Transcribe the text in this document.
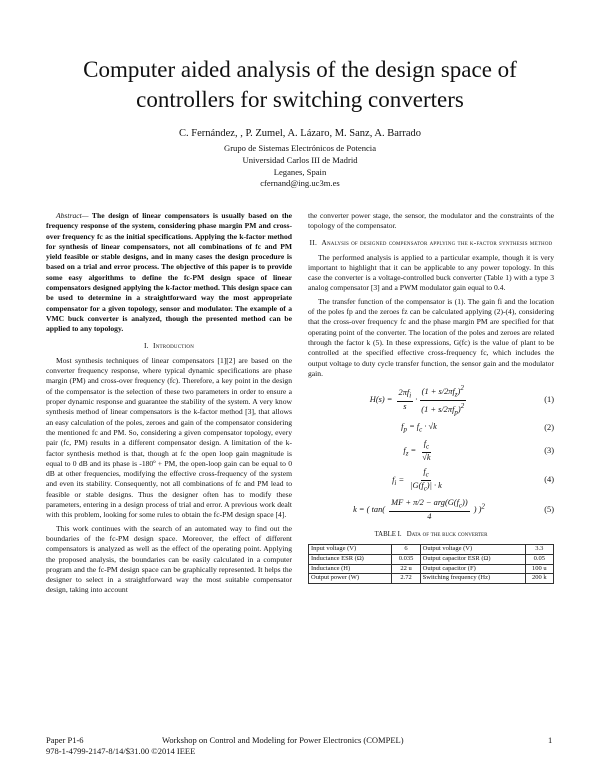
Computer aided analysis of the design space of controllers for switching converters
C. Fernández, , P. Zumel, A. Lázaro, M. Sanz, A. Barrado
Grupo de Sistemas Electrónicos de Potencia
Universidad Carlos III de Madrid
Leganes, Spain
cfernand@ing.uc3m.es

Abstract— The design of linear compensators is usually based on the frequency response of the system, considering phase margin PM and cross-over frequency fc as the initial specifications. Applying the k-factor method for synthesis of linear compensators, not all combinations of fc and PM yield feasible or stable designs, and in many cases the design procedure is based on a trial and error process. The objective of this paper is to provide some easy algorithms to define the fc-PM design space of linear compensators designed applying the k-factor method. This design space can be used to determine in a straightforward way the most appropriate compensator for a given topology, sensor and modulator. The example of a VMC buck converter is analyzed, though the presented method can be applied to any topology.

I. Introduction

Most synthesis techniques of linear compensators [1][2] are based on the converter frequency response, where typical dynamic specifications are phase margin (PM) and cross-over frequency (fc). Therefore, a key point in the design of the compensator is the selection of these two parameters in order to ensure a proper dynamic response and guarantee the stability of the system. A very know synthesis method of linear compensators is the k-factor method [3], that allows an easy calculation of the poles, zeroes and gain of the compensator considering the mentioned fc and PM. So, considering a given compensator topology, every pair (fc, PM) results in a different compensator design. A limitation of the k-factor synthesis method is that, though at fc the open loop gain magnitude is equal to 0 dB and its phase is -180º + PM, the open-loop gain can be equal to 0 dB at other frequencies, modifying the effective cross-frequency of the system and even its stability. Consequently, not all combinations of fc and PM lead to feasible or stable designs. Thus the designer often has to modify these parameters, entering in a design process of trial and error. A previous work dealt with this problem, looking for some rules to obtain the fc-PM design space [4].

This work continues with the search of an automated way to find out the boundaries of the fc-PM design space. Moreover, the effect of different compensators is analyzed as well as the effect of the operating point. Applying the proposed analysis, the boundaries can be easily calculated in a computer program and the fc-PM design space can be graphically represented. It helps the designer to select in a straightforward way the most suitable compensator design, taking into account

the converter power stage, the sensor, the modulator and the constraints of the topology of the compensator.

II. Analysis of designed compensator applying the k-factor synthesis method

The performed analysis is applied to a particular example, though it is very important to highlight that it can be applicable to any power topology. In this case the converter is a voltage-controlled buck converter (Table 1) with a type 3 analog compensator [3] and a PWM modulator gain equal to 0.4.

The transfer function of the compensator is (1). The gain fi and the location of the poles fp and the zeroes fz can be calculated applying (2)-(4), considering that the cross-over frequency fc and the phase margin PM are specified for that operating point of the converter. The location of the poles and zeroes are related through the factor k (5). In these expressions, G(fc) is the value of plant to be controlled at the specified effective cross-frequency fc, which includes the output voltage to duty cycle transfer function, the sensor gain and the modulator gain.

$H(s) = \frac{2\pi f_i}{s} \cdot \frac{(1 + s/2\pi f_z)^2}{(1 + s/2\pi f_p)^2}$	(1)
$f_p = f_c \cdot √k$	(2)
$f_z = \frac{f_c}{√k}$	(3)
$f_i = \frac{f_c}{|G(f_c)| \cdot k}$	(4)
k = ( $\tan( \frac{MF + \pi/2 - arg(G(f_c))}{4}$ ) )$^2$	(5)
TABLE I. Data of the buck converter
Input voltage (V)	6	Output voltage (V)	3.3
Inductance ESR (Ω)	0.035	Output capacitor ESR (Ω)	0.05
Inductance (H)	22 u	Output capacitor (F)	100 u
Output power (W)	2.72	Switching frequency (Hz)	200 k
Paper P1-6
978-1-4799-2147-8/14/$31.00 ©2014 IEEE
Workshop on Control and Modeling for Power Electronics (COMPEL)	1
